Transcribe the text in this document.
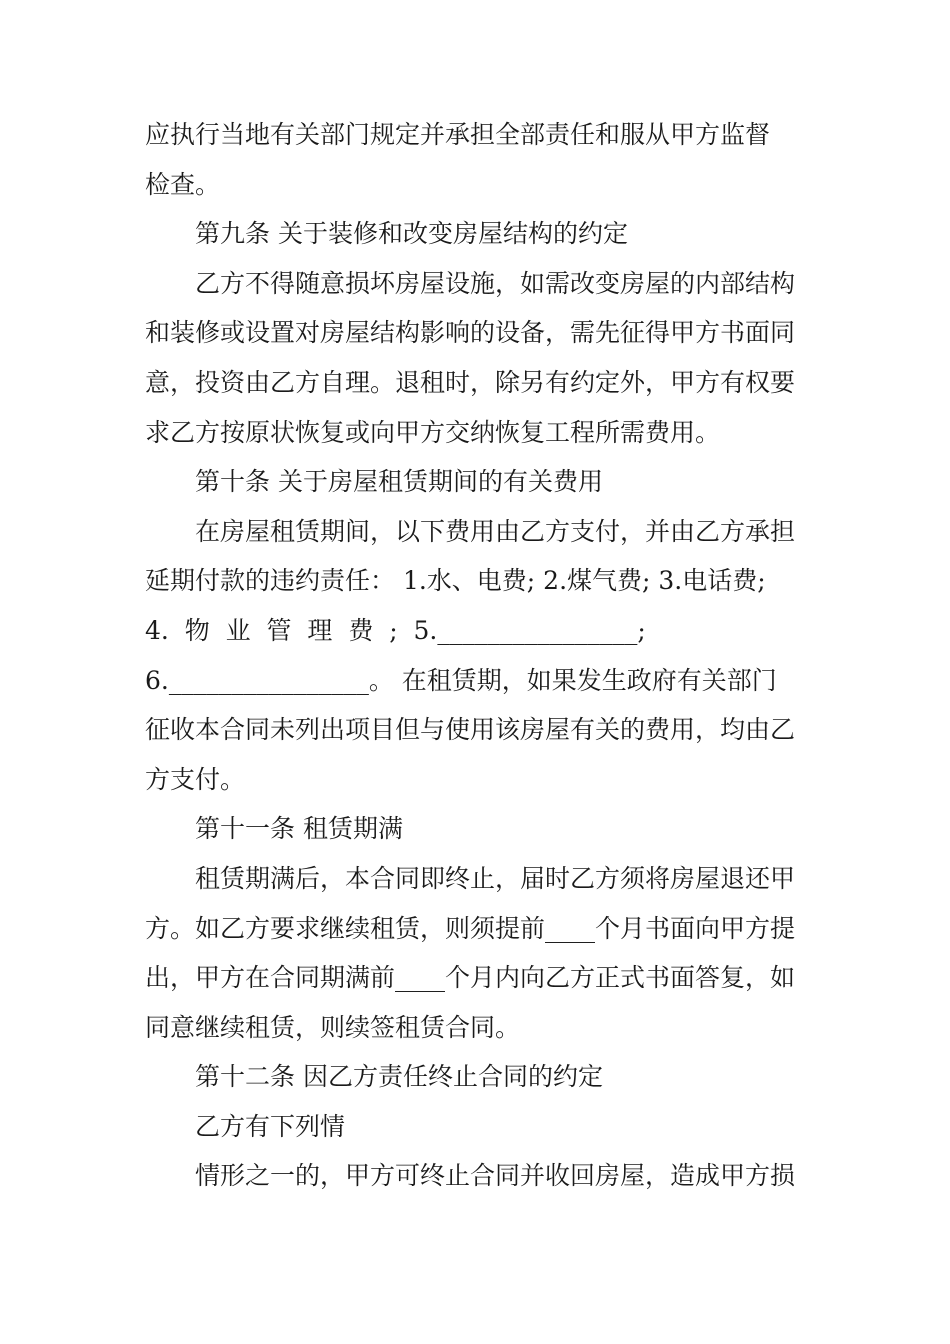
应执行当地有关部门规定并承担全部责任和服从甲方监督
检查。
第九条 关于装修和改变房屋结构的约定
乙方不得随意损坏房屋设施，如需改变房屋的内部结构
和装修或设置对房屋结构影响的设备，需先征得甲方书面同
意，投资由乙方自理。退租时，除另有约定外，甲方有权要
求乙方按原状恢复或向甲方交纳恢复工程所需费用。
第十条 关于房屋租赁期间的有关费用
在房屋租赁期间，以下费用由乙方支付，并由乙方承担
延期付款的违约责任： 1.水、电费; 2.煤气费; 3.电话费;
4.  物  业  管  理  费  ;  5.________________;
6.________________。 在租赁期，如果发生政府有关部门
征收本合同未列出项目但与使用该房屋有关的费用，均由乙
方支付。
第十一条 租赁期满
租赁期满后，本合同即终止，届时乙方须将房屋退还甲
方。如乙方要求继续租赁，则须提前____个月书面向甲方提
出，甲方在合同期满前____个月内向乙方正式书面答复，如
同意继续租赁，则续签租赁合同。
第十二条 因乙方责任终止合同的约定
乙方有下列情
情形之一的，甲方可终止合同并收回房屋，造成甲方损
